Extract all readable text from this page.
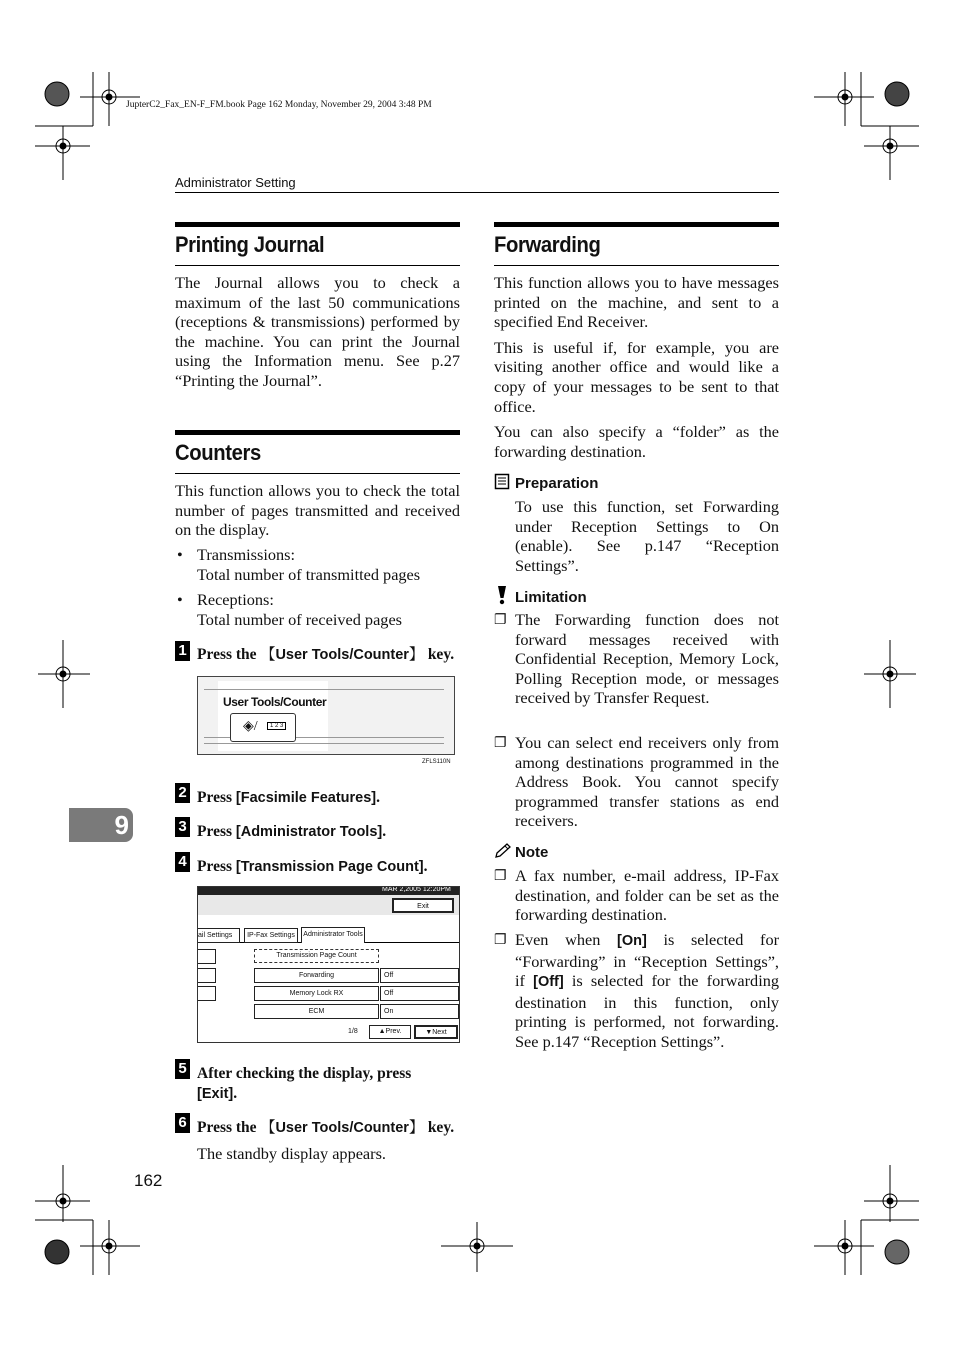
JupterC2_Fax_EN-F_FM.book Page 162 Monday, November 29, 2004 3:48 PM
Administrator Setting
Printing Journal
The Journal allows you to check a maximum of the last 50 communications (receptions & transmissions) performed by the machine. You can print the Journal using the Information menu. See p.27 “Printing the Journal”.
Counters
This function allows you to check the total number of pages transmitted and received on the display.
• Transmissions:
Total number of transmitted pages
• Receptions:
Total number of received pages
1 Press the 【User Tools/Counter】 key.
User Tools/Counter
◈/	1 2 3
ZFLS110N
2 Press [Facsimile Features].
3 Press [Administrator Tools].
4 Press [Transmission Page Count].
MAR 2,2005 12:20PM
Exit
ail Settings	IP-Fax Settings	Administrator Tools
Transmission Page Count
Forwarding	Off
Memory Lock RX	Off
ECM	On
1/8	▲Prev.	▼Next
5 After checking the display, press
[Exit].
6 Press the 【User Tools/Counter】 key.
The standby display appears.
Forwarding

This function allows you to have messages printed on the machine, and sent to a specified End Receiver.

This is useful if, for example, you are visiting another office and would like a copy of your messages to be sent to that office.

You can also specify a “folder” as the forwarding destination.

Preparation
To use this function, set Forwarding under Reception Settings to On (enable). See p.147 “Reception Settings”.
Limitation
❐ The Forwarding function does not forward messages received with Confidential Reception, Memory Lock, Polling Reception mode, or messages received by Transfer Request.
❐ You can select end receivers only from among destinations programmed in the Address Book. You cannot specify programmed transfer stations as end receivers.
Note
❐ A fax number, e-mail address, IP-Fax destination, and folder can be set as the forwarding destination.
❐ Even when [On] is selected for “Forwarding” in “Reception Settings”, if [Off] is selected for the forwarding destination in this function, only printing is performed, not forwarding. See p.147 “Reception Settings”.
9
162
